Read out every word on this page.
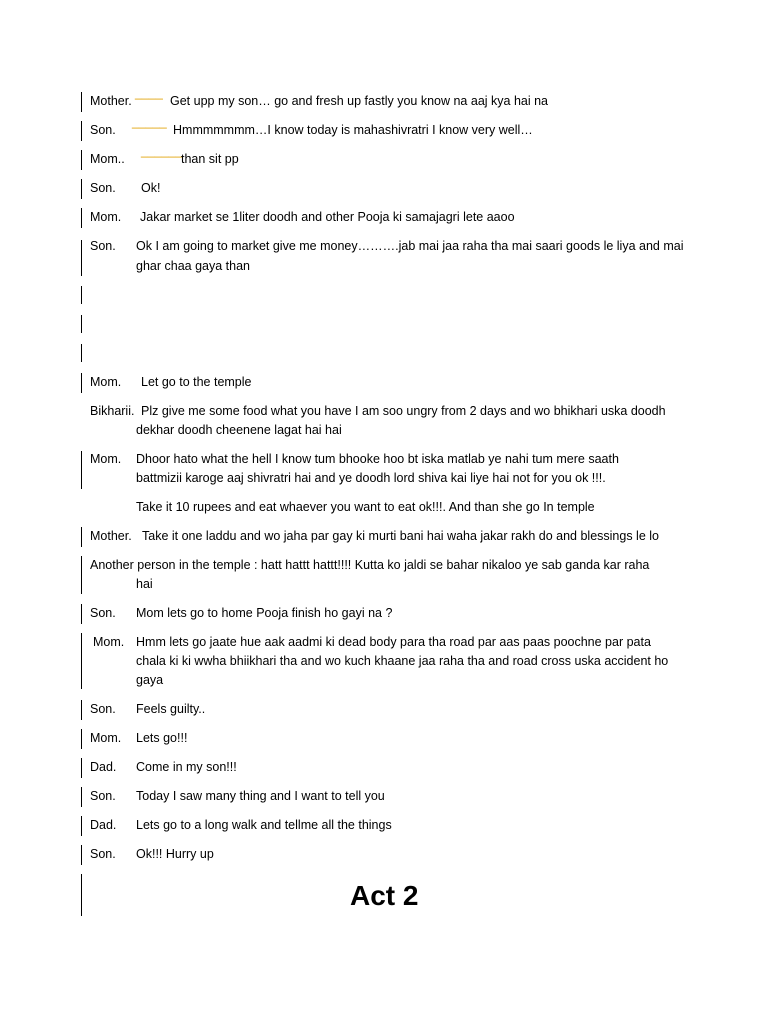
Mother.
____
Get upp my son… go and fresh up fastly you know na aaj kya hai na
Son.
_____
Hmmmmmmm…I know today is mahashivratri I know very well…
Mom..
______
than sit pp
Son. Ok!
Mom. Jakar market se 1liter doodh and other Pooja ki samajagri lete aaoo
Son. Ok I am going to market give me money……….jab mai jaa raha tha mai saari goods le liya and mai
ghar chaa gaya than
Mom. Let go to the temple
Bikharii. Plz give me some food what you have I am soo ungry from 2 days and wo bhikhari uska doodh
dekhar doodh cheenene lagat hai hai
Mom. Dhoor hato what the hell I know tum bhooke hoo bt iska matlab ye nahi tum mere saath
battmizii karoge aaj shivratri hai and ye doodh lord shiva kai liye hai not for you ok !!!.
Take it 10 rupees and eat whaever you want to eat ok!!!. And than she go In temple
Mother. Take it one laddu and wo jaha par gay ki murti bani hai waha jakar rakh do and blessings le lo
Another person in the temple : hatt hattt hattt!!!! Kutta ko jaldi se bahar nikaloo ye sab ganda kar raha
hai
Son. Mom lets go to home Pooja finish ho gayi na ?
Mom. Hmm lets go jaate hue aak aadmi ki dead body para tha road par aas paas poochne par pata
chala ki ki wwha bhiikhari tha and wo kuch khaane jaa raha tha and road cross uska accident ho
gaya
Son. Feels guilty..
Mom. Lets go!!!
Dad. Come in my son!!!
Son. Today I saw many thing and I want to tell you
Dad. Lets go to a long walk and tellme all the things
Son. Ok!!! Hurry up
Act 2
